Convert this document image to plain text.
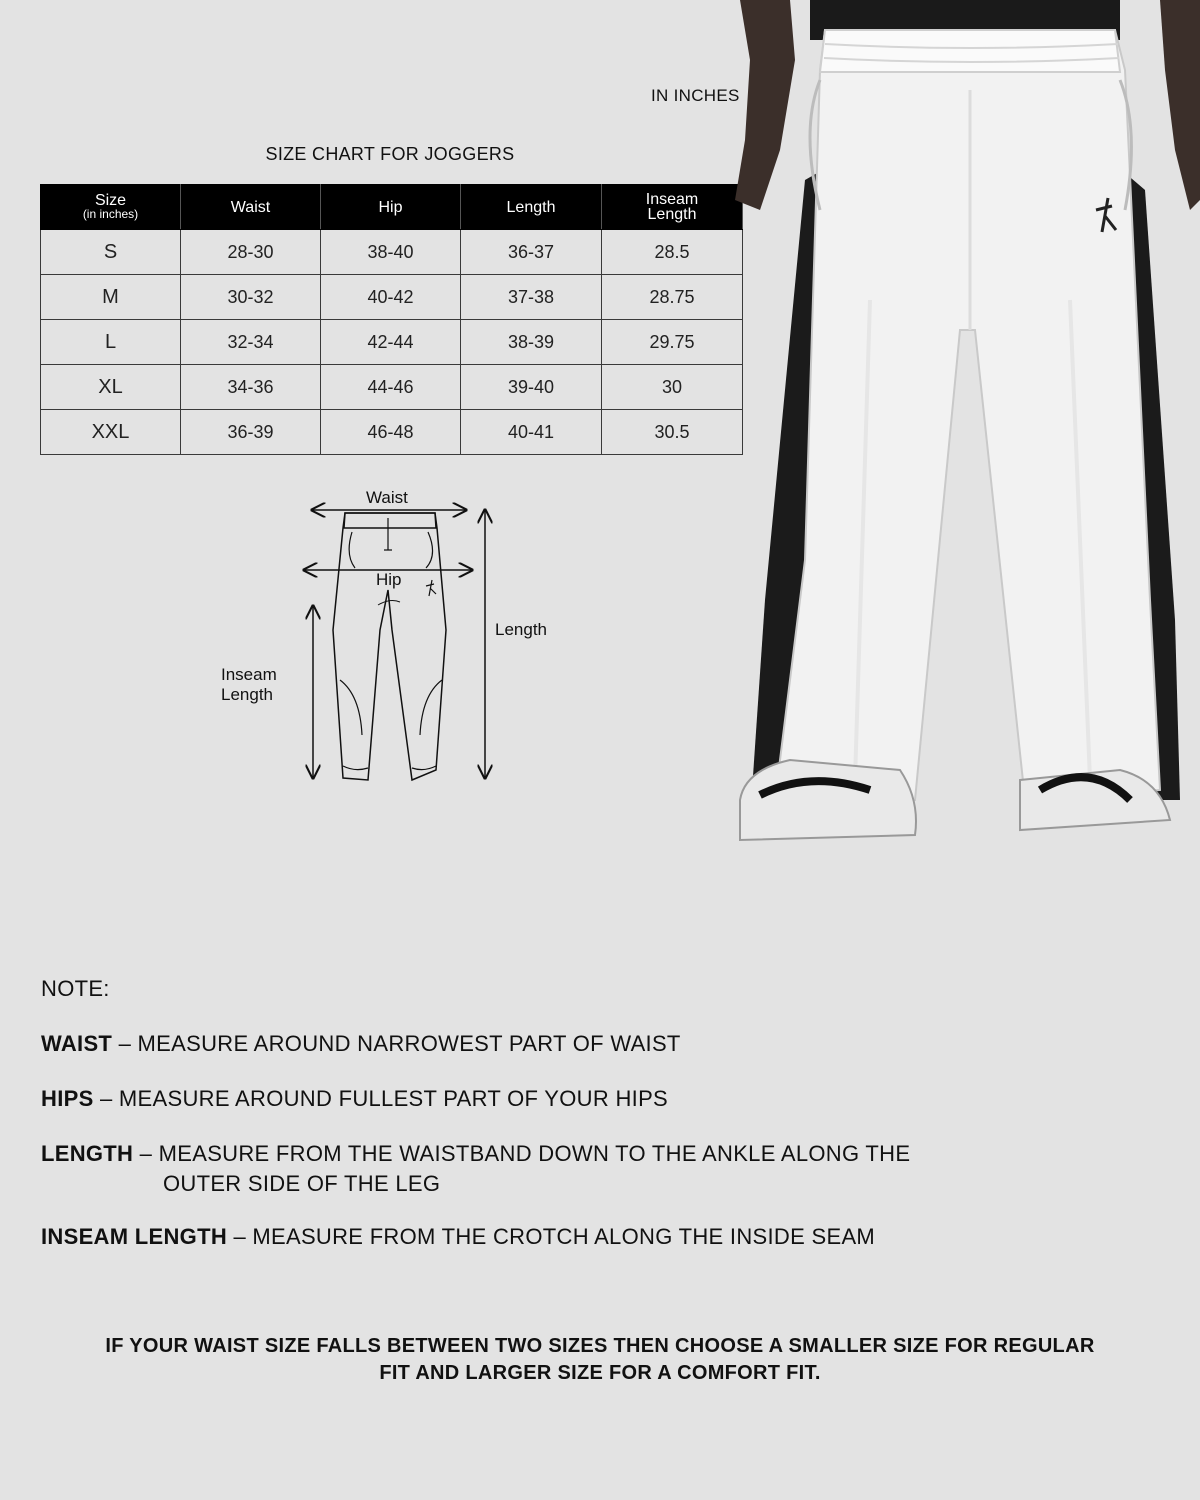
IN INCHES
SIZE CHART FOR JOGGERS
Size
(in inches)	Waist	Hip	Length	Inseam
Length

S	28-30	38-40	36-37	28.5
M	30-32	40-42	37-38	28.75
L	32-34	42-44	38-39	29.75
XL	34-36	44-46	39-40	30
XXL	36-39	46-48	40-41	30.5
Waist
Hip
Length
Inseam
Length
NOTE:
WAIST – MEASURE AROUND NARROWEST PART OF WAIST
HIPS – MEASURE AROUND FULLEST PART OF YOUR HIPS
LENGTH – MEASURE FROM THE WAISTBAND DOWN TO THE ANKLE ALONG THE
OUTER SIDE OF THE LEG
INSEAM LENGTH – MEASURE FROM THE CROTCH ALONG THE INSIDE SEAM
IF YOUR WAIST SIZE FALLS BETWEEN TWO SIZES THEN CHOOSE A SMALLER SIZE FOR REGULAR
FIT AND LARGER SIZE FOR A COMFORT FIT.
